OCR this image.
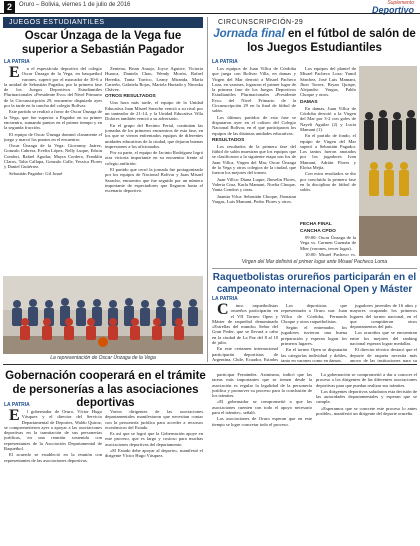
2	Oruro – Bolivia, viernes 1 de julio de 2016	Suplemento
Deportivo
JUEGOS ESTUDIANTILES
Oscar Únzaga de la Vega fue superior a Sebastián Pagador
LA PATRIA

E n el espectáculo deportivo del colegio Oscar Únzaga de la Vega, en basquetbol varones, superó por el marcador de 30-6 a la unidad de Sebastián Pagador, por la primera fase de los Juegos Deportivos Estudiantiles Plurinacionales «Presidente Evo» del Nivel Primario de la Circunscripción 29, encuentro disputado ayer por la tarde en la cancha del colegio Bolívar.

Este partido se realizó a favor de Oscar Únzaga de la Vega, que fue superior a Pagador en su primer encuentro, sumando puntos en el primer tiempo y en la segunda fracción.

El equipo de Oscar Únzaga dominó claramente el juego y marcó los puntos en el encuentro.

Oscar Únzaga de la Vega: Giovanny Juárez, Gonzalo Cabrera, Evelin López, Nelly Luque, Edson Condori, Rafael Aguilar, Mayra Cordero, Franklin Claros, Talia Callapa, Gonzalo Calle, Yessica Flores y Daniel Gutiérrez.

Sebastián Pagador: Gil Josué

Zenteno, Brian Araujo, Joyce Aguirre, Victoria Huarca, Daniela Chao, Wendy Morón, Rafael Heredia, Tania Torrico, Leany Miranda, María Carreño, Gabriela Rojas, Mariela Hurtado y Ninoska Chávez.

OTROS RESULTADOS

Una hora más tarde, el equipo de la Unidad Educativa Juan Misael Saracho venció a su rival por un tanteador de 21-14, y la Unidad Educativa Villa Dolores también venció a su adversario.

En el grupo del Recinto Ferial, continúan las jornadas de los primeros encuentros de esta fase, en los que se vieron enfrentados equipos de diferentes unidades educativas de la ciudad, que dejaron buenas impresiones a los aficionados.

Por su parte, el equipo de Jacinto Rodríguez logró otra victoria importante en su encuentro frente al colegio anfitrión.

El partido que cerró la jornada fue protagonizado por los equipos de Nacional Bolívar y Juan Misael Saracho, encuentro que fue seguido por un número importante de espectadores que llegaron hasta el escenario deportivo.

La representación de Oscar Únzaga de la Vega
CIRCUNSCRIPCIÓN-29
Jornada final en el fútbol de salón de los Juegos Estudiantiles
LA PATRIA

Los equipos de Juan Villca de Córdoba que juega con Bolívar Villa, en damas y Virgen del Mar derrotó a Misael Pacheco Loza, en varones, lograron el primer lugar de la primera fase de los Juegos Deportivos Estudiantiles Plurinacionales «Presidente Evo» del Nivel Primario de la Circunscripción 29 en la final de fútbol de salón.

Los últimos partidos de esta fase se disputaron ayer en el coliseo del Colegio Nacional Bolívar, en el que participaron los equipos de las distintas unidades educativas.

RESULTADOS

Los resultados de la primera fase del fútbol de salón muestran que los equipos que se clasificaron a la siguiente etapa son los de Juan Villca, Virgen del Mar, Oscar Únzaga de la Vega y otros colegios de la ciudad, que fueron los mejores del torneo.

Juan Villca: Diana Luque, Jhoselin Flores, Valeria Cruz, Karla Mamani, Noelia Choque, Vania Condori y otras.

Juanita Vilca: Sebastián Choque, Jhonatan Vargas, Luis Mamani, Pedro Flores y otros.

Los equipos del plantel de Misael Pacheco Loza: Yamil Sánchez, José Luis Mamani, Jhon Torrez, Bryan Quispe, Alejandro Vargas, Pablo Choque y otros.

DAMAS

En damas, Juan Villca de Córdoba derrotó a la Virgen del Mar por 3-2 con goles de Nayeli Aguilar (2) y Lucía Mamani (1).

En el partido de fondo, el equipo de Virgen del Mar superó a Sebastián Pagador. Los tantos fueron anotados por los jugadores Ivan Mamani, Adrián Flores y Eloisa Mejía.

Con estos resultados se dio por concluida la primera fase en la disciplina de fútbol de salón.

FECHA FINAL

CANCHA CPDO

09:00: Oscar Únzaga de la Vega vs. Carmen Guzmán de Mier (varones, tercer lugar).

10:00: Misael Pacheco vs.

Virgen del Mar definirá el primer lugar ante Misael Pacheco Loma
Raquetbolistas orureños participarán en el campeonato internacional Open y Máster
LA PATRIA

C inco raquetbolistas orureños participarán en el VII Torneo Open y Máster de raquetbol denominado «Estrellas del mundo» Señor del Gran Poder, que se llevará a cabo en la ciudad de La Paz del 8 al 10 de julio.

En este certamen internacional participarán deportistas de Argentina, Chile, Ecuador, Estados

Los deportistas que representarán a Oruro son: Juan Villca de Córdoba, Fernando Choque y otros raquetbolistas.

Según el entrenador, los jugadores tuvieron una buena preparación y esperan lograr los primeros lugares.

En el torneo Open se disputarán las categorías individual y dobles, tanto en varones como en damas.

jugadores juveniles de 16 años y mayores ocupando los primeros lugares del torneo nacional, en el que compitieron otros departamentos del país.

Los oruroños que se encuentran entre los mejores del ranking nacional esperan lograr medallas.

El director técnico destacó que el deporte de raqueta necesita más apoyo de las instituciones para su

Gobernación cooperará en el trámite de personerías a las asociaciones deportivas
LA PATRIA

E l gobernador de Oruro, Víctor Hugo Vásquez y el director del Servicio Departamental de Deportes, Waldo Quiroz, se comprometieron ayer a apoyar a las asociaciones deportivas en la tramitación de sus personerías jurídicas, en una reunión sostenida con representantes de la Asociación Departamental de Raquetbol.

El acuerdo se estableció en la reunión con representantes de las asociaciones deportivas.

Varios dirigentes de las asociaciones departamentales manifestaron que necesitan contar con la personería jurídica para acceder a recursos económicos del Estado.

Es así que se logró que la Gobernación apoye en este proceso, que es largo y costoso para muchas asociaciones deportivas del departamento.

«El Estado debe apoyar al deporte», manifestó el dirigente Víctor Hugo Vásquez.

participar Fernández. Asimismo, indicó que las tareas más importantes que se tienen desde la asociación es regular la legalidad de la personería jurídica y promover su proceso para la conclusión de los trámites.

«El gobernador se comprometió a que las asociaciones cuenten con todo el apoyo necesario para el trámite», señaló.

Las asociaciones de Oruro esperan que en este tiempo se logre concretar todo el proceso.

La gobernación se comprometió a dar a conocer el proceso a los dirigentes de las diferentes asociaciones deportivas para que puedan realizar sus trámites.

Los dirigentes deportivos saludaron esta decisión de las autoridades departamentales y esperan que se cumpla.

«Esperamos que se concrete este proceso lo antes posible», manifestó un dirigente del deporte orureño.
